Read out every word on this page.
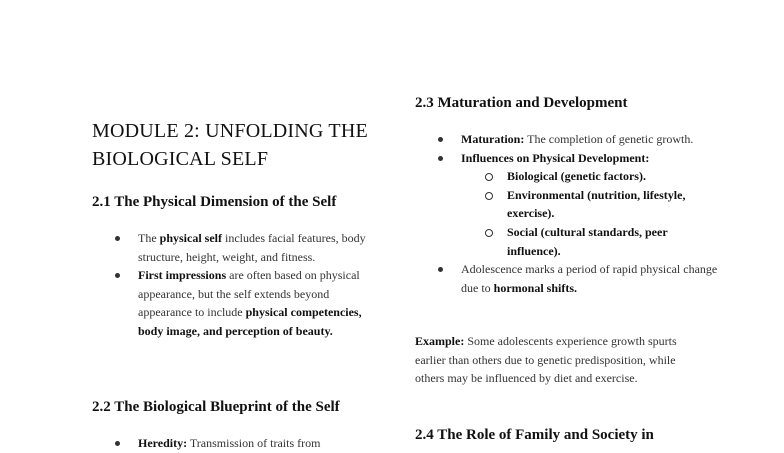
MODULE 2: UNFOLDING THE BIOLOGICAL SELF
2.1 The Physical Dimension of the Self
The physical self includes facial features, body structure, height, weight, and fitness.
First impressions are often based on physical appearance, but the self extends beyond appearance to include physical competencies, body image, and perception of beauty.
2.2 The Biological Blueprint of the Self
Heredity: Transmission of traits from
2.3 Maturation and Development
Maturation: The completion of genetic growth.
Influences on Physical Development:
Biological (genetic factors).
Environmental (nutrition, lifestyle, exercise).
Social (cultural standards, peer influence).
Adolescence marks a period of rapid physical change due to hormonal shifts.

Example: Some adolescents experience growth spurts earlier than others due to genetic predisposition, while others may be influenced by diet and exercise.

2.4 The Role of Family and Society in
